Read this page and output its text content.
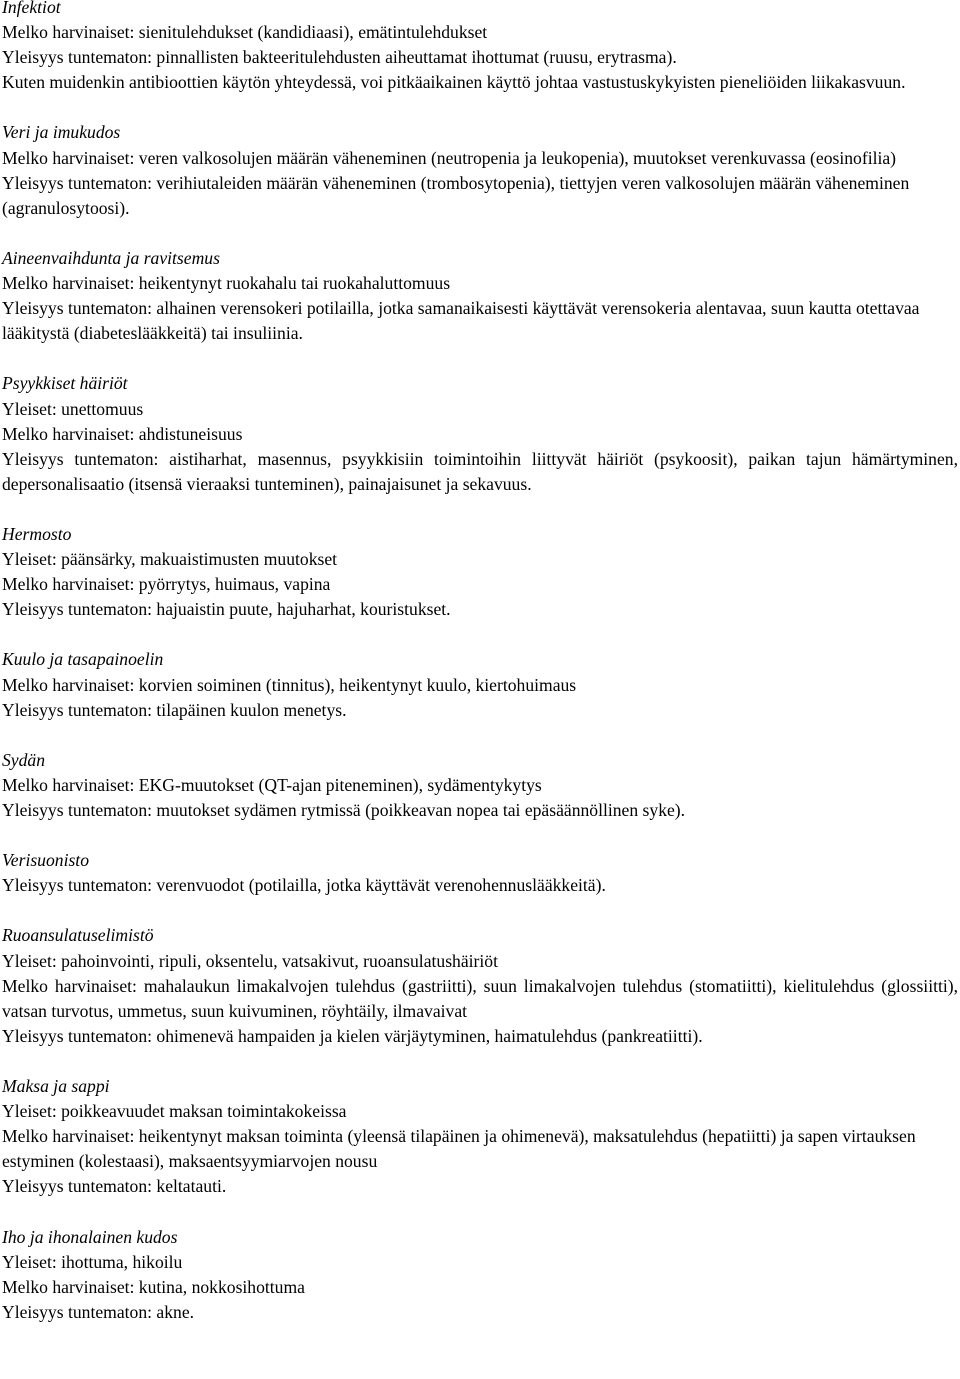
Infektiot

Melko harvinaiset: sienitulehdukset (kandidiaasi), emätintulehdukset

Yleisyys tuntematon: pinnallisten bakteeritulehdusten aiheuttamat ihottumat (ruusu, erytrasma).

Kuten muidenkin antibioottien käytön yhteydessä, voi pitkäaikainen käyttö johtaa vastustuskykyisten pieneliöiden liikakasvuun.

Veri ja imukudos

Melko harvinaiset: veren valkosolujen määrän väheneminen (neutropenia ja leukopenia), muutokset verenkuvassa (eosinofilia)

Yleisyys tuntematon: verihiutaleiden määrän väheneminen (trombosytopenia), tiettyjen veren valkosolujen määrän väheneminen (agranulosytoosi).

Aineenvaihdunta ja ravitsemus

Melko harvinaiset: heikentynyt ruokahalu tai ruokahaluttomuus

Yleisyys tuntematon: alhainen verensokeri potilailla, jotka samanaikaisesti käyttävät verensokeria alentavaa, suun kautta otettavaa lääkitystä (diabeteslääkkeitä) tai insuliinia.

Psyykkiset häiriöt

Yleiset: unettomuus

Melko harvinaiset: ahdistuneisuus

Yleisyys tuntematon: aistiharhat, masennus, psyykkisiin toimintoihin liittyvät häiriöt (psykoosit), paikan tajun hämärtyminen, depersonalisaatio (itsensä vieraaksi tunteminen), painajaisunet ja sekavuus.

Hermosto

Yleiset: päänsärky, makuaistimusten muutokset

Melko harvinaiset: pyörrytys, huimaus, vapina

Yleisyys tuntematon: hajuaistin puute, hajuharhat, kouristukset.

Kuulo ja tasapainoelin

Melko harvinaiset: korvien soiminen (tinnitus), heikentynyt kuulo, kiertohuimaus

Yleisyys tuntematon: tilapäinen kuulon menetys.

Sydän

Melko harvinaiset: EKG-muutokset (QT-ajan piteneminen), sydämentykytys

Yleisyys tuntematon: muutokset sydämen rytmissä (poikkeavan nopea tai epäsäännöllinen syke).

Verisuonisto

Yleisyys tuntematon: verenvuodot (potilailla, jotka käyttävät verenohennuslääkkeitä).

Ruoansulatuselimistö

Yleiset: pahoinvointi, ripuli, oksentelu, vatsakivut, ruoansulatushäiriöt

Melko harvinaiset: mahalaukun limakalvojen tulehdus (gastriitti), suun limakalvojen tulehdus (stomatiitti), kielitulehdus (glossiitti), vatsan turvotus, ummetus, suun kuivuminen, röyhtäily, ilmavaivat

Yleisyys tuntematon: ohimenevä hampaiden ja kielen värjäytyminen, haimatulehdus (pankreatiitti).

Maksa ja sappi

Yleiset: poikkeavuudet maksan toimintakokeissa

Melko harvinaiset: heikentynyt maksan toiminta (yleensä tilapäinen ja ohimenevä), maksatulehdus (hepatiitti) ja sapen virtauksen estyminen (kolestaasi), maksaentsyymiarvojen nousu

Yleisyys tuntematon: keltatauti.

Iho ja ihonalainen kudos

Yleiset: ihottuma, hikoilu

Melko harvinaiset: kutina, nokkosihottuma

Yleisyys tuntematon: akne.
